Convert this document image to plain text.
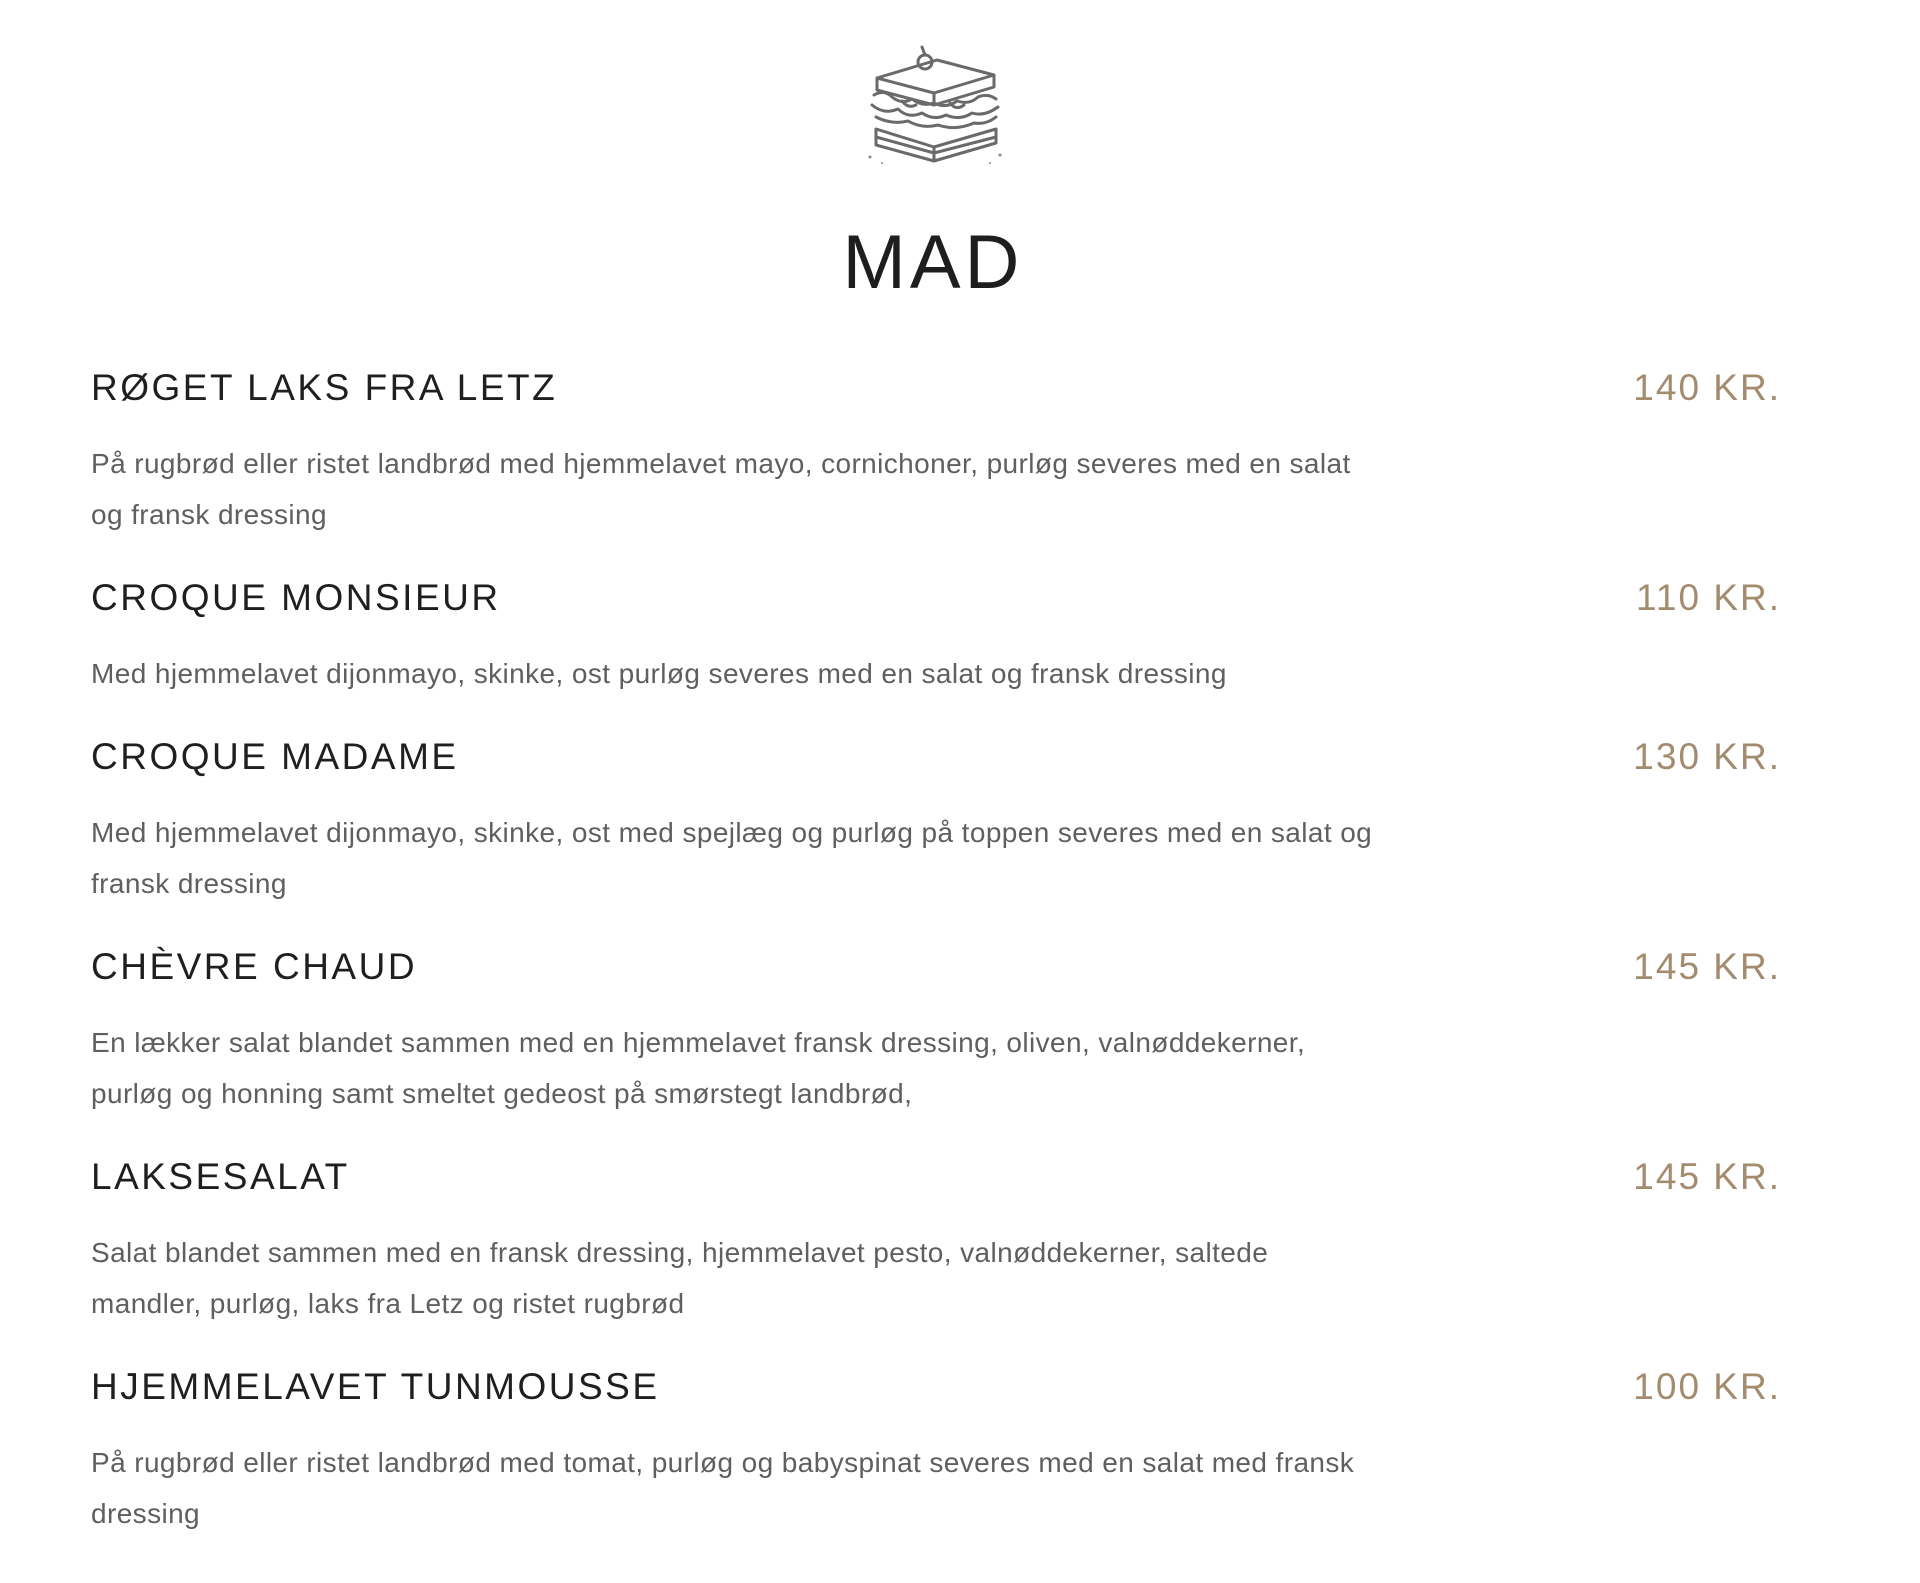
MAD
RØGET LAKS FRA LETZ	140 KR.
På rugbrød eller ristet landbrød med hjemmelavet mayo, cornichoner, purløg severes med en salat og fransk dressing
CROQUE MONSIEUR	110 KR.
Med hjemmelavet dijonmayo, skinke, ost purløg severes med en salat og fransk dressing
CROQUE MADAME	130 KR.
Med hjemmelavet dijonmayo, skinke, ost med spejlæg og purløg på toppen severes med en salat og fransk dressing
CHÈVRE CHAUD	145 KR.
En lækker salat blandet sammen med en hjemmelavet fransk dressing, oliven, valnøddekerner, purløg og honning samt smeltet gedeost på smørstegt landbrød,
LAKSESALAT	145 KR.
Salat blandet sammen med en fransk dressing, hjemmelavet pesto, valnøddekerner, saltede mandler, purløg, laks fra Letz og ristet rugbrød
HJEMMELAVET TUNMOUSSE	100 KR.
På rugbrød eller ristet landbrød med tomat, purløg og babyspinat severes med en salat med fransk dressing
